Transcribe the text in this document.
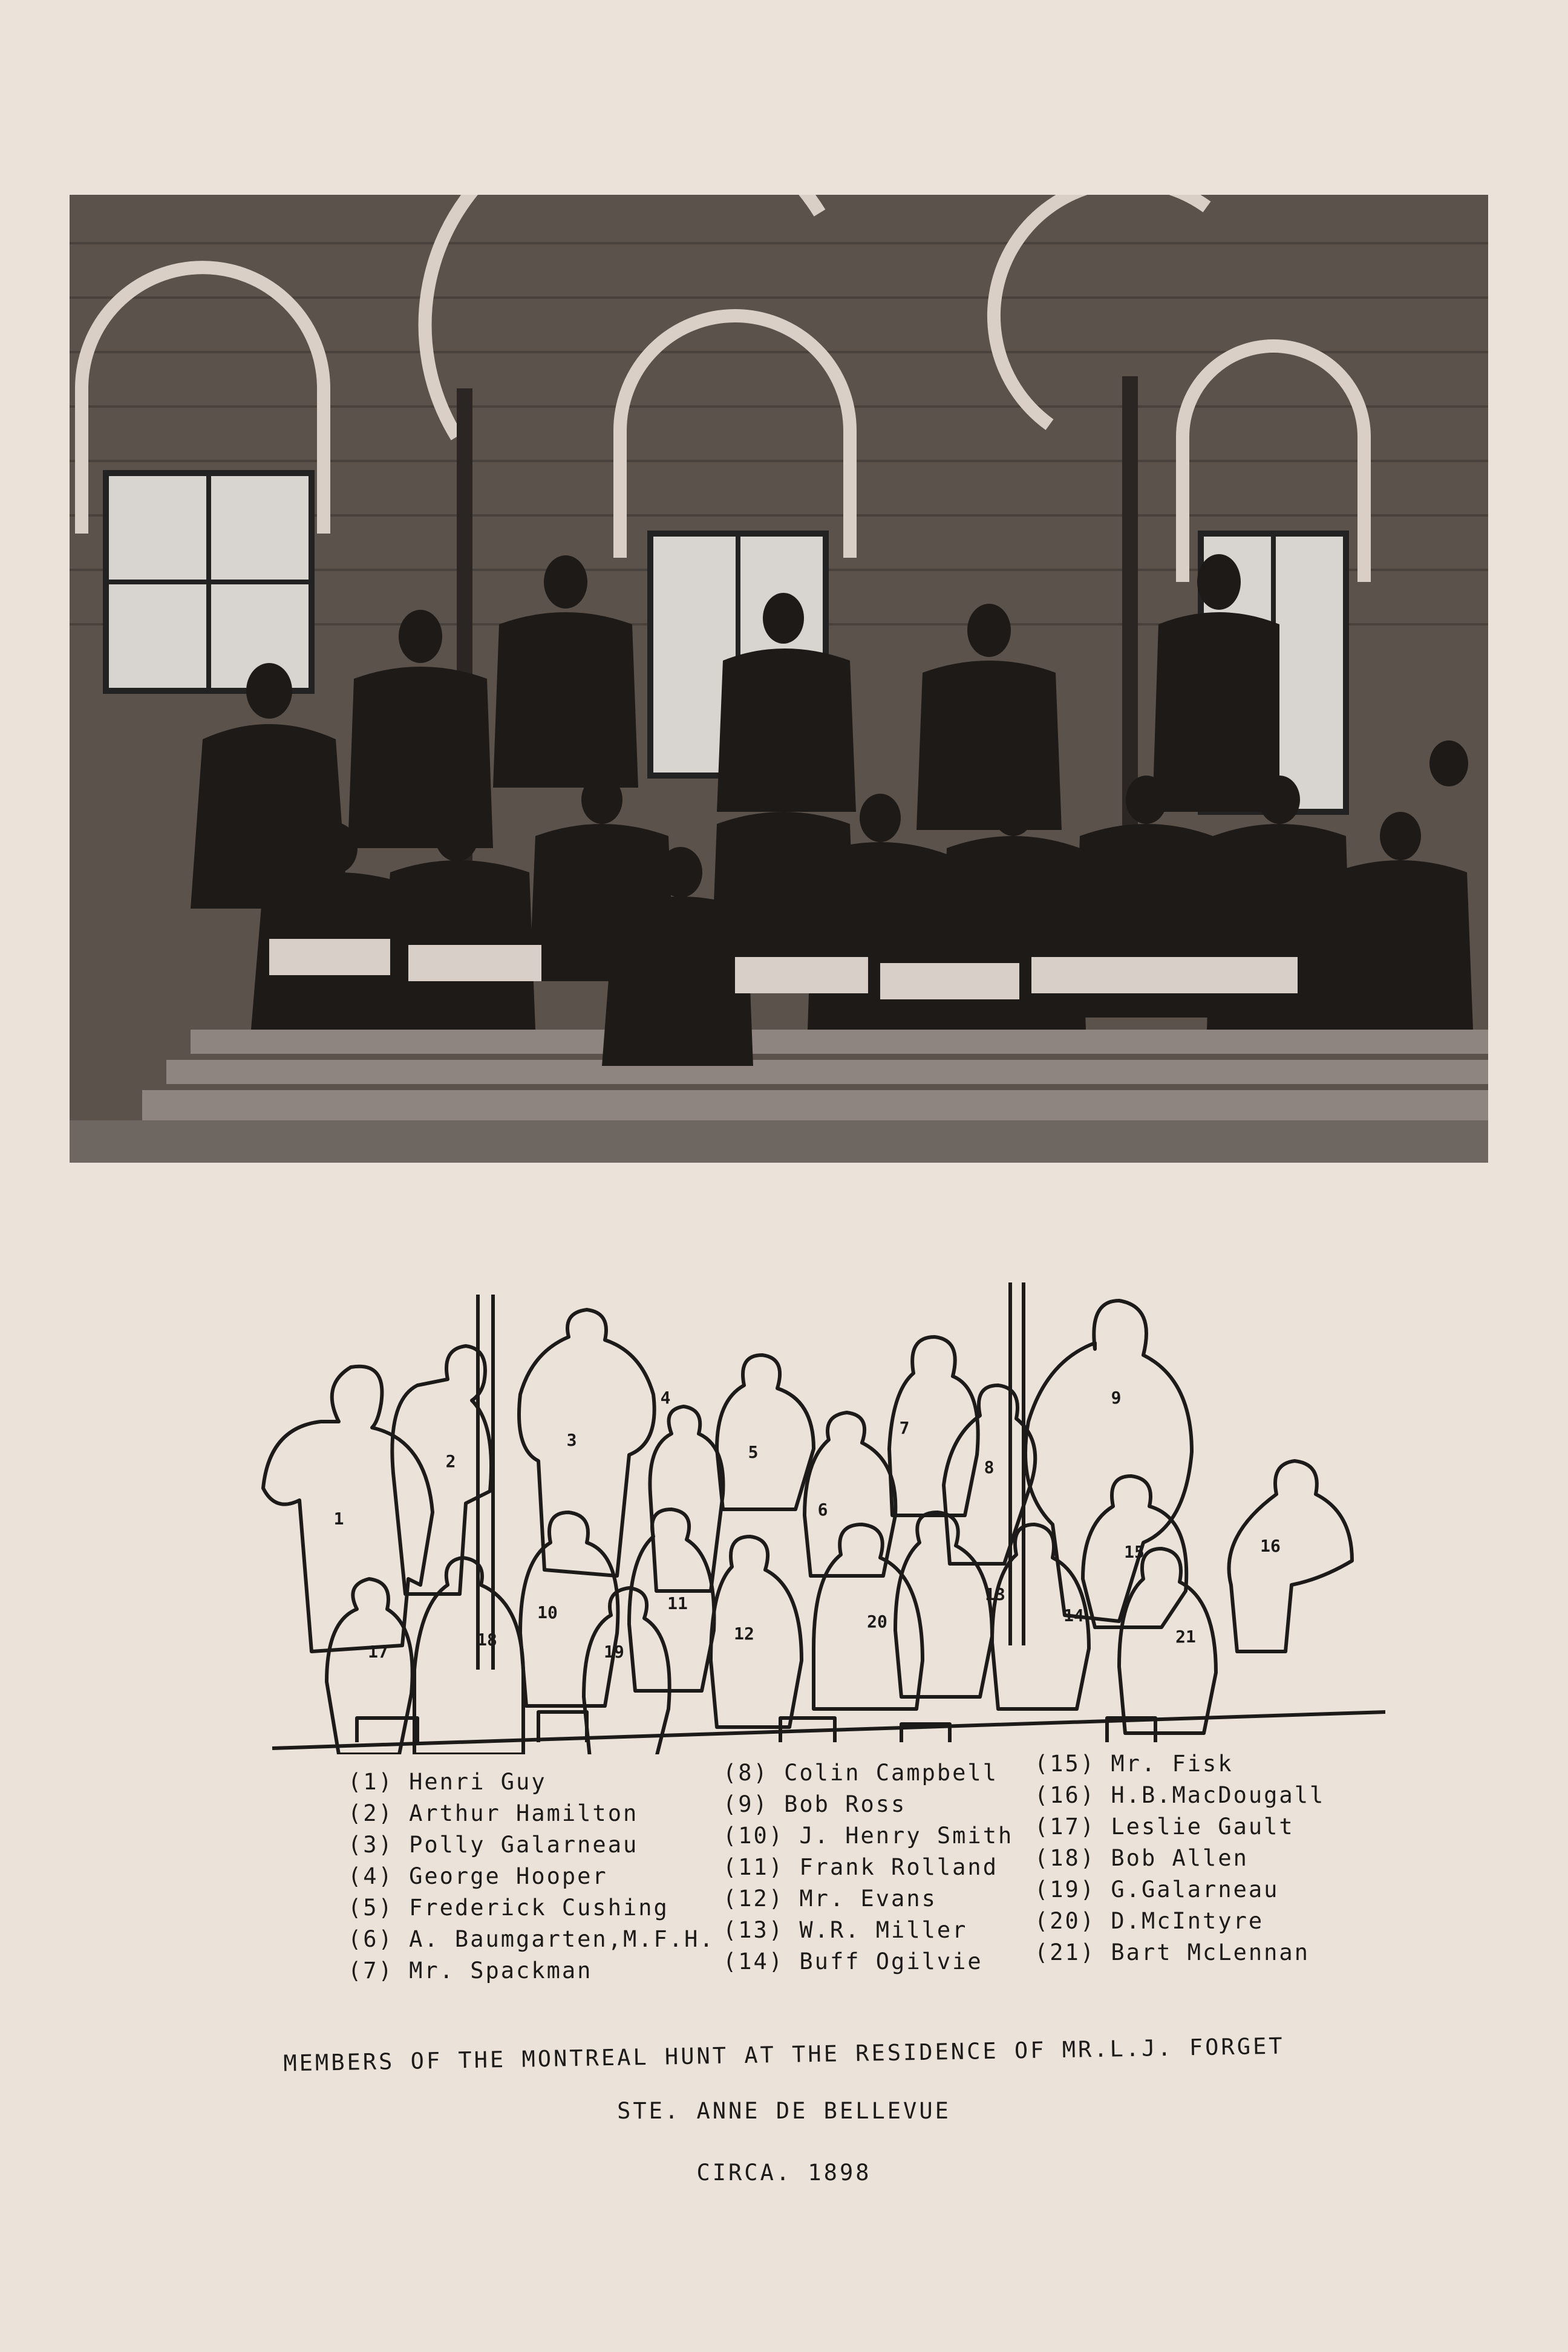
1
2
3
4
5
6
7
8
9
10	11
12
13
14
15	16
17
18
19
20
21
(1) Henri Guy
(2) Arthur Hamilton
(3) Polly Galarneau
(4) George Hooper
(5) Frederick Cushing
(6) A. Baumgarten,M.F.H.
(7) Mr. Spackman
(8) Colin Campbell
(9) Bob Ross
(10) J. Henry Smith
(11) Frank Rolland
(12) Mr. Evans
(13) W.R. Miller
(14) Buff Ogilvie
(15) Mr. Fisk
(16) H.B.MacDougall
(17) Leslie Gault
(18) Bob Allen
(19) G.Galarneau
(20) D.McIntyre
(21) Bart McLennan
MEMBERS OF THE MONTREAL HUNT AT THE RESIDENCE OF MR.L.J. FORGET
STE. ANNE DE BELLEVUE
CIRCA. 1898
